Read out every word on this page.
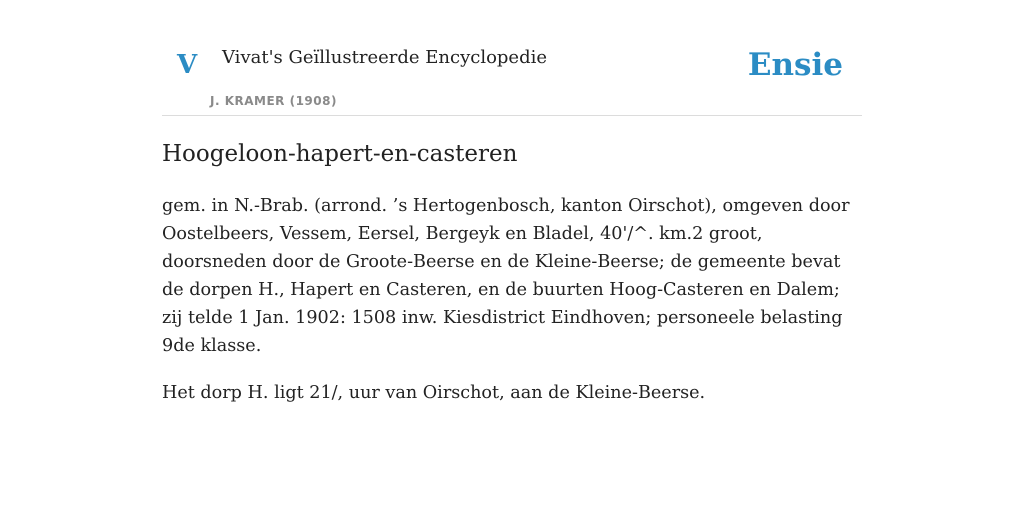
V Vivat's Geïllustreerde Encyclopedie
J. KRAMER (1908)
Ensie
Hoogeloon-hapert-en-casteren

gem. in N.-Brab. (arrond. ’s Hertogenbosch, kanton Oirschot), omgeven door Oostelbeers, Vessem, Eersel, Bergeyk en Bladel, 40'/^. km.2 groot, doorsneden door de Groote-Beerse en de Kleine-Beerse; de gemeente bevat de dorpen H., Hapert en Casteren, en de buurten Hoog-Casteren en Dalem; zij telde 1 Jan. 1902: 1508 inw. Kiesdistrict Eindhoven; personeele belasting 9de klasse.

Het dorp H. ligt 21/, uur van Oirschot, aan de Kleine-Beerse.
